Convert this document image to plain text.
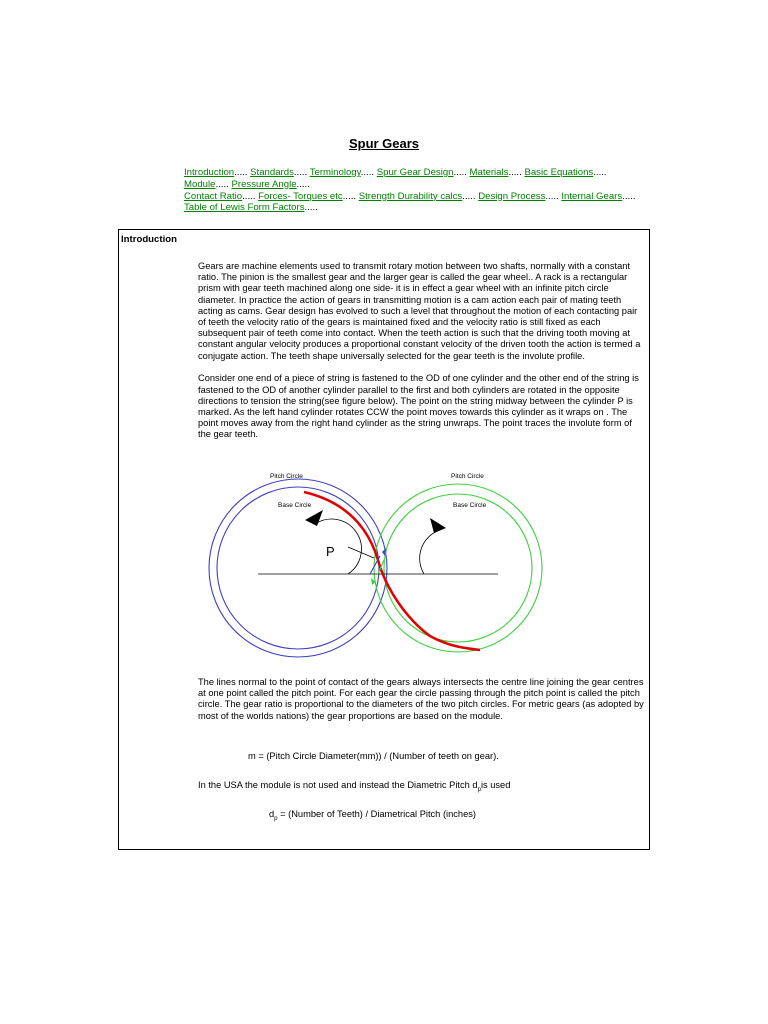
Spur Gears
Introduction..... Standards..... Terminology..... Spur Gear Design..... Materials..... Basic Equations.....
Module..... Pressure Angle.....
Contact Ratio..... Forces- Torques etc..... Strength Durability calcs..... Design Process..... Internal Gears.....
Table of Lewis Form Factors.....
Introduction

Gears are machine elements used to transmit rotary motion between two shafts, normally with a constant ratio. The pinion is the smallest gear and the larger gear is called the gear wheel.. A rack is a rectangular prism with gear teeth machined along one side- it is in effect a gear wheel with an infinite pitch circle diameter. In practice the action of gears in transmitting motion is a cam action each pair of mating teeth acting as cams. Gear design has evolved to such a level that throughout the motion of each contacting pair of teeth the velocity ratio of the gears is maintained fixed and the velocity ratio is still fixed as each subsequent pair of teeth come into contact. When the teeth action is such that the driving tooth moving at constant angular velocity produces a proportional constant velocity of the driven tooth the action is termed a conjugate action. The teeth shape universally selected for the gear teeth is the involute profile.

Consider one end of a piece of string is fastened to the OD of one cylinder and the other end of the string is fastened to the OD of another cylinder parallel to the first and both cylinders are rotated in the opposite directions to tension the string(see figure below). The point on the string midway between the cylinder P is marked. As the left hand cylinder rotates CCW the point moves towards this cylinder as it wraps on . The point moves away from the right hand cylinder as the string unwraps. The point traces the involute form of the gear teeth.

Pitch Circle
Base Circle
Pitch Circle
Base Circle
P

The lines normal to the point of contact of the gears always intersects the centre line joining the gear centres at one point called the pitch point. For each gear the circle passing through the pitch point is called the pitch circle. The gear ratio is proportional to the diameters of the two pitch circles. For metric gears (as adopted by most of the worlds nations) the gear proportions are based on the module.

m = (Pitch Circle Diameter(mm)) / (Number of teeth on gear).
In the USA the module is not used and instead the Diametric Pitch $d_pis$ used
$d_p$ = (Number of Teeth) / Diametrical Pitch (inches)
